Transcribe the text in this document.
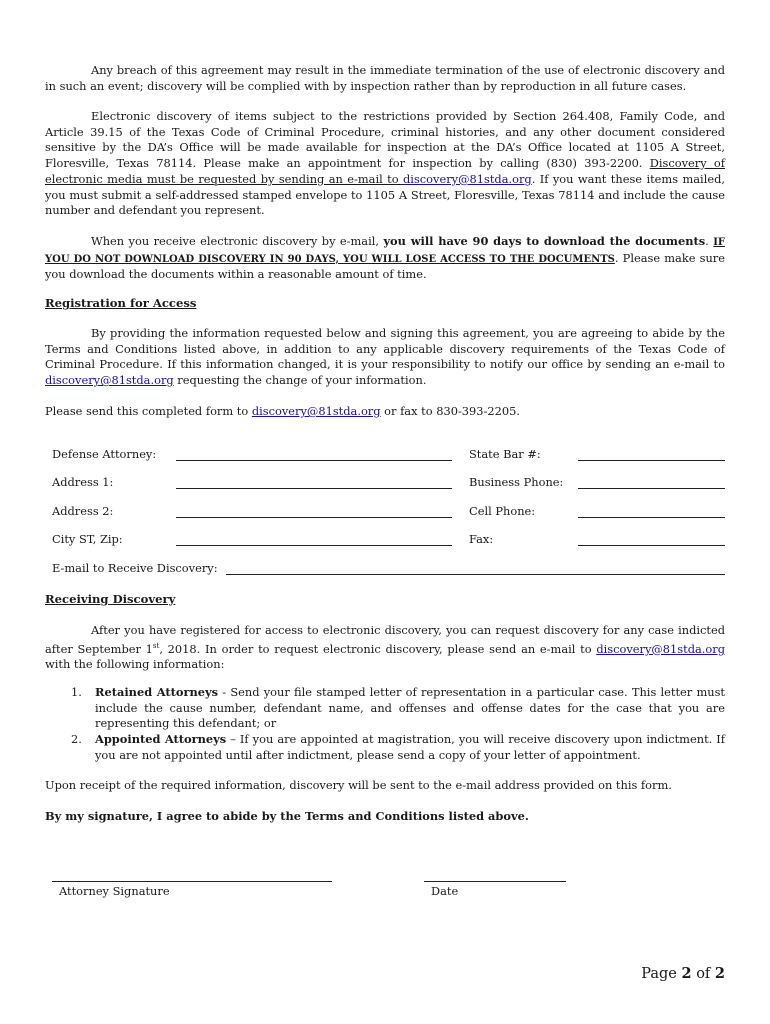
Any breach of this agreement may result in the immediate termination of the use of electronic discovery and in such an event; discovery will be complied with by inspection rather than by reproduction in all future cases.

Electronic discovery of items subject to the restrictions provided by Section 264.408, Family Code, and Article 39.15 of the Texas Code of Criminal Procedure, criminal histories, and any other document considered sensitive by the DA’s Office will be made available for inspection at the DA’s Office located at 1105 A Street, Floresville, Texas 78114. Please make an appointment for inspection by calling (830) 393-2200. Discovery of electronic media must be requested by sending an e-mail to discovery@81stda.org. If you want these items mailed, you must submit a self-addressed stamped envelope to 1105 A Street, Floresville, Texas 78114 and include the cause number and defendant you represent.

When you receive electronic discovery by e-mail, you will have 90 days to download the documents. IF YOU DO NOT DOWNLOAD DISCOVERY IN 90 DAYS, YOU WILL LOSE ACCESS TO THE DOCUMENTS. Please make sure you download the documents within a reasonable amount of time.

Registration for Access

By providing the information requested below and signing this agreement, you are agreeing to abide by the Terms and Conditions listed above, in addition to any applicable discovery requirements of the Texas Code of Criminal Procedure. If this information changed, it is your responsibility to notify our office by sending an e-mail to discovery@81stda.org requesting the change of your information.

Please send this completed form to discovery@81stda.org or fax to 830-393-2205.

Defense Attorney:	State Bar #:
Address 1:	Business Phone:
Address 2:	Cell Phone:
City ST, Zip:	Fax:
E-mail to Receive Discovery:
Receiving Discovery

After you have registered for access to electronic discovery, you can request discovery for any case indicted after September 1st, 2018. In order to request electronic discovery, please send an e-mail to discovery@81stda.org with the following information:

1. Retained Attorneys - Send your file stamped letter of representation in a particular case. This letter must include the cause number, defendant name, and offenses and offense dates for the case that you are representing this defendant; or
2. Appointed Attorneys – If you are appointed at magistration, you will receive discovery upon indictment. If you are not appointed until after indictment, please send a copy of your letter of appointment.

Upon receipt of the required information, discovery will be sent to the e-mail address provided on this form.

By my signature, I agree to abide by the Terms and Conditions listed above.

Attorney Signature	Date
Page 2 of 2
